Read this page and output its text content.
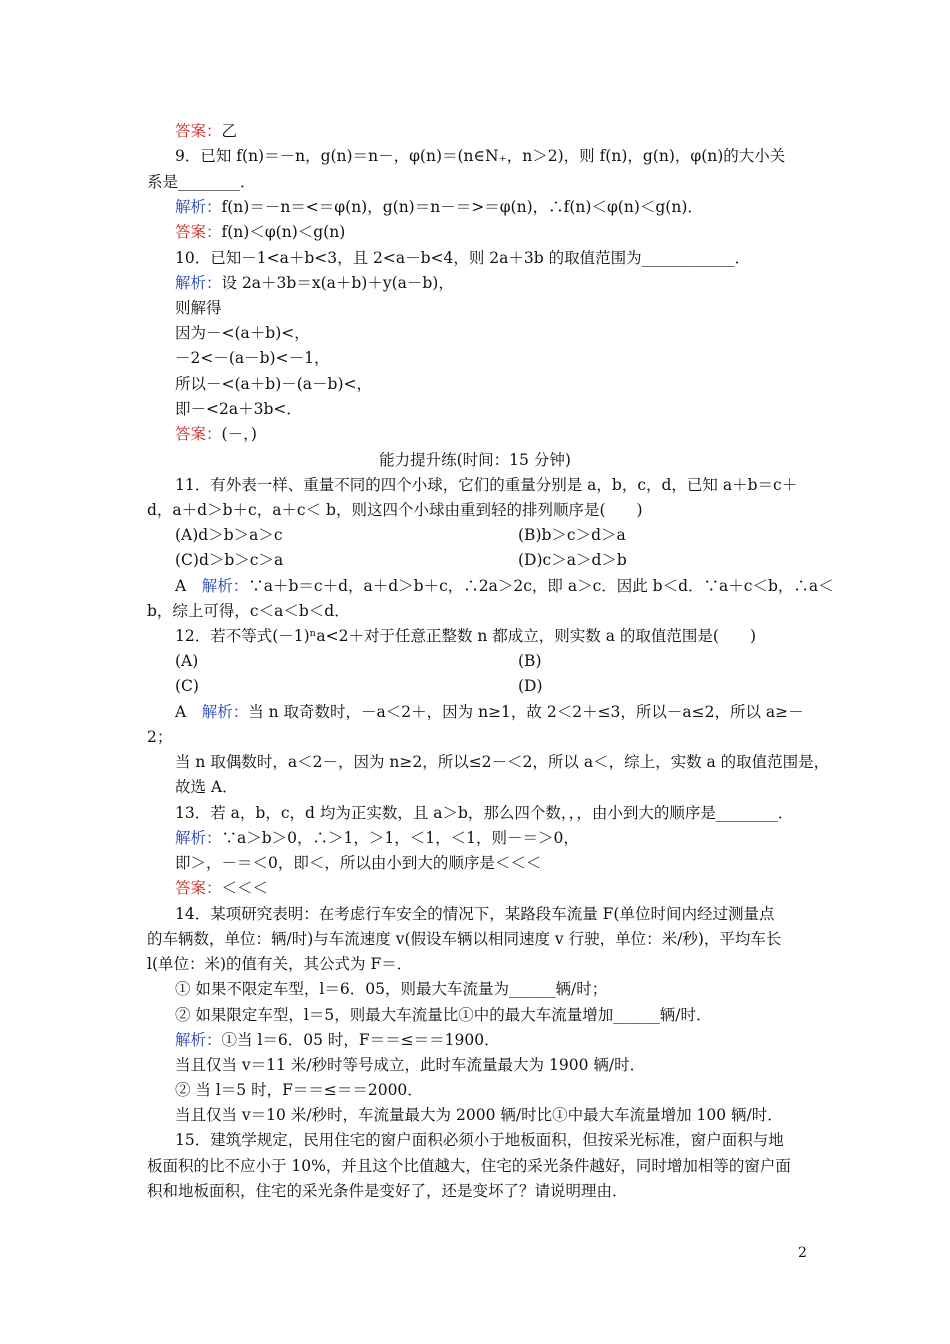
答案：乙
9．已知 f(n)＝－n，g(n)＝n－，φ(n)＝(n∈N₊，n＞2)，则 f(n)，g(n)，φ(n)的大小关
系是________．
解析：f(n)＝－n＝<＝φ(n)，g(n)＝n－＝>＝φ(n)，∴f(n)＜φ(n)＜g(n)．
答案：f(n)＜φ(n)＜g(n)
10．已知－1<a＋b<3，且 2<a－b<4，则 2a＋3b 的取值范围为____________．
解析：设 2a＋3b＝x(a＋b)＋y(a－b)，
则解得
因为－<(a＋b)<，
－2<－(a－b)<－1，
所以－<(a＋b)－(a－b)<，
即－<2a＋3b<．
答案：(－，)
能力提升练(时间：15 分钟)
11．有外表一样、重量不同的四个小球，它们的重量分别是 a，b，c，d，已知 a＋b＝c＋
d，a＋d＞b＋c，a＋c＜ b，则这四个小球由重到轻的排列顺序是(　　)
(A)d＞b＞a＞c	(B)b＞c＞d＞a
(C)d＞b＞c＞a	(D)c＞a＞d＞b
A　解析：∵a＋b＝c＋d，a＋d＞b＋c，∴2a＞2c，即 a＞c．因此 b＜d．∵a＋c＜b，∴a＜
b，综上可得，c＜a＜b＜d．
12．若不等式(－1)ⁿa<2＋对于任意正整数 n 都成立，则实数 a 的取值范围是(　　)
(A)	(B)
(C)	(D)
A　解析：当 n 取奇数时，－a＜2＋，因为 n≥1，故 2＜2＋≤3，所以－a≤2，所以 a≥－
2；
当 n 取偶数时，a＜2－，因为 n≥2，所以≤2－＜2，所以 a＜，综上，实数 a 的取值范围是，
故选 A．
13．若 a，b，c，d 均为正实数，且 a＞b，那么四个数，，，由小到大的顺序是________．
解析：∵a＞b＞0，∴＞1，＞1，＜1，＜1，则－＝＞0，
即＞，－＝＜0，即＜，所以由小到大的顺序是＜＜＜
答案：＜＜＜
14．某项研究表明：在考虑行车安全的情况下，某路段车流量 F(单位时间内经过测量点
的车辆数，单位：辆/时)与车流速度 v(假设车辆以相同速度 v 行驶，单位：米/秒)，平均车长
l(单位：米)的值有关，其公式为 F＝．
① 如果不限定车型，l＝6．05，则最大车流量为______辆/时；
② 如果限定车型，l＝5，则最大车流量比①中的最大车流量增加______辆/时．
解析：①当 l＝6．05 时，F＝＝≤＝＝1900．
当且仅当 v＝11 米/秒时等号成立，此时车流量最大为 1900 辆/时．
② 当 l＝5 时，F＝＝≤＝＝2000．
当且仅当 v＝10 米/秒时，车流量最大为 2000 辆/时比①中最大车流量增加 100 辆/时．
15．建筑学规定，民用住宅的窗户面积必须小于地板面积，但按采光标准，窗户面积与地
板面积的比不应小于 10%，并且这个比值越大，住宅的采光条件越好，同时增加相等的窗户面
积和地板面积，住宅的采光条件是变好了，还是变坏了？请说明理由．
2
